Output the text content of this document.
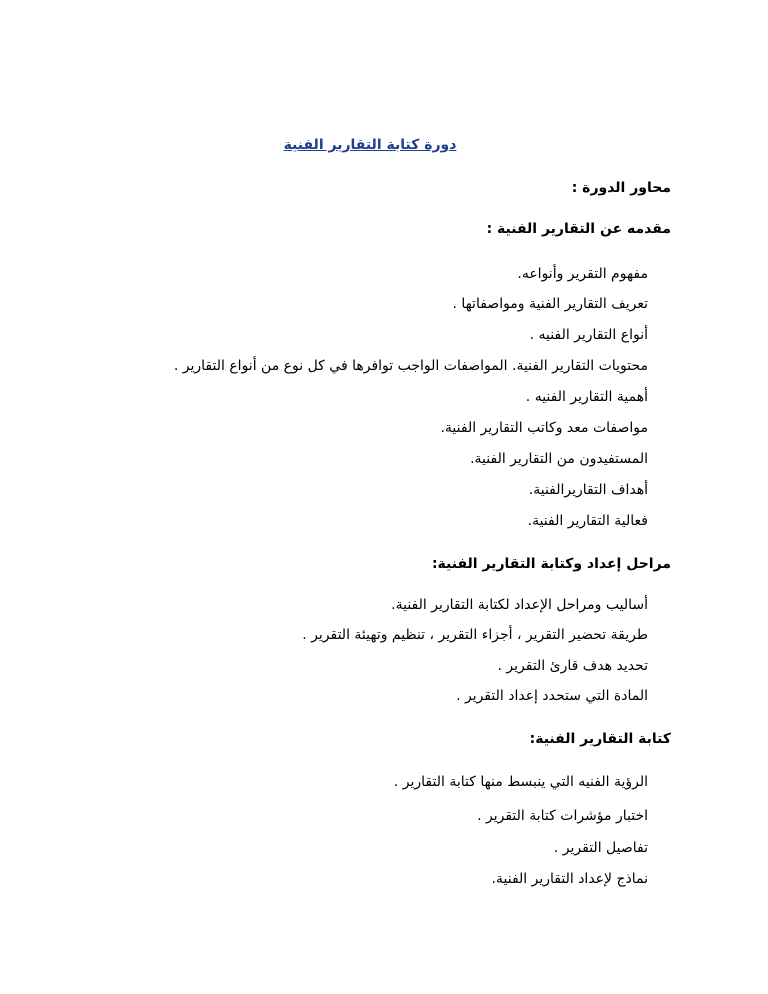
دورة كتابة التقارير الفنية
محاور الدورة :
مقدمه عن التقارير الفنية :
مفهوم التقرير وأنواعه.
تعريف التقارير الفنية ومواصفاتها .
أنواع التقارير الفنيه .
محتويات التقارير الفنية. المواصفات الواجب توافرها في كل نوع من أنواع التقارير .
أهمية التقارير الفنيه .
مواصفات معد وكاتب التقارير الفنية.
المستفيدون من التقارير الفنية.
أهداف التقاريرالفنية.
فعالية التقارير الفنية.
مراحل إعداد وكتابة التقارير الفنية:
أساليب ومراحل الإعداد لكتابة التقارير الفنية.
طريقة تحضير التقرير ، أجزاء التقرير ، تنظيم وتهيئة التقرير .
تحديد هدف قارئ التقرير .
المادة التي ستحدد إعداد التقرير .
كتابة التقارير الفنية:
الرؤية الفنيه التي ينبسط منها كتابة التقارير .
اختبار مؤشرات كتابة التقرير .
تفاصيل التقرير .
نماذج لإعداد التقارير الفنية.
